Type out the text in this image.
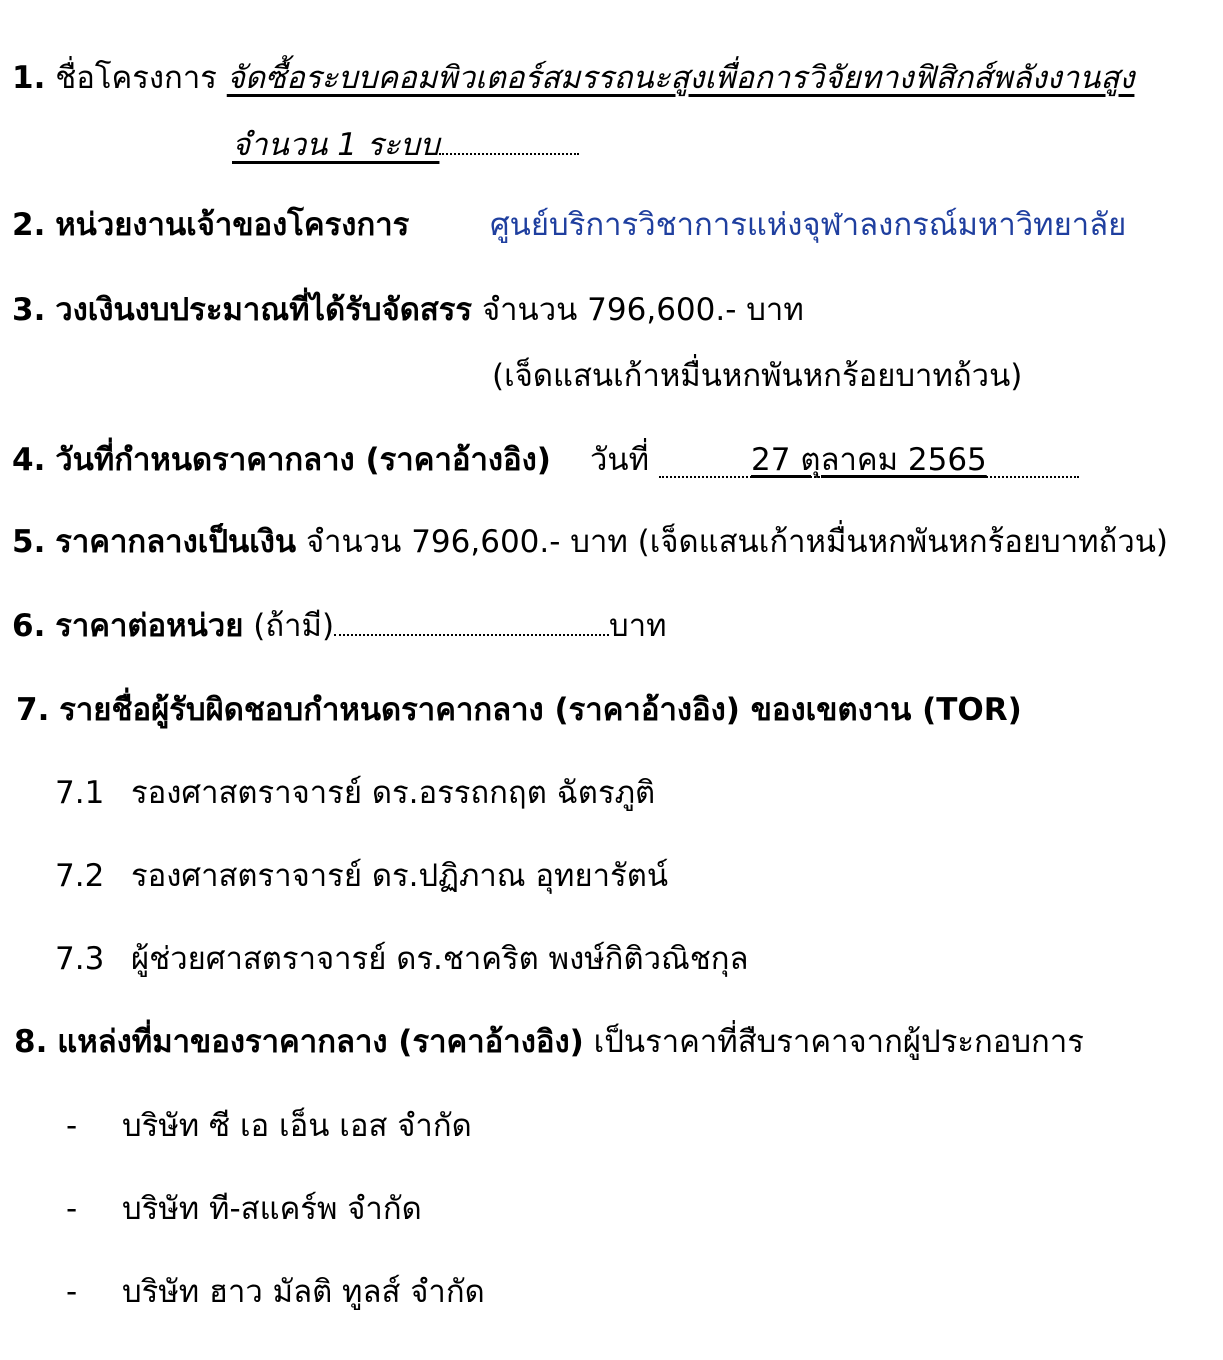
1. ชื่อโครงการ จัดซื้อระบบคอมพิวเตอร์สมรรถนะสูงเพื่อการวิจัยทางฟิสิกส์พลังงานสูง
จำนวน 1 ระบบ
2. หน่วยงานเจ้าของโครงการ	ศูนย์บริการวิชาการแห่งจุฬาลงกรณ์มหาวิทยาลัย
3. วงเงินงบประมาณที่ได้รับจัดสรร จำนวน 796,600.- บาท
(เจ็ดแสนเก้าหมื่นหกพันหกร้อยบาทถ้วน)
4. วันที่กำหนดราคากลาง (ราคาอ้างอิง) วันที่	27 ตุลาคม 2565
5. ราคากลางเป็นเงิน จำนวน 796,600.- บาท (เจ็ดแสนเก้าหมื่นหกพันหกร้อยบาทถ้วน)
6. ราคาต่อหน่วย (ถ้ามี)	บาท
7. รายชื่อผู้รับผิดชอบกำหนดราคากลาง (ราคาอ้างอิง) ของเขตงาน (TOR)
7.1 รองศาสตราจารย์ ดร.อรรถกฤต ฉัตรภูติ
7.2 รองศาสตราจารย์ ดร.ปฏิภาณ อุทยารัตน์
7.3 ผู้ช่วยศาสตราจารย์ ดร.ชาคริต พงษ์กิติวณิชกุล
8. แหล่งที่มาของราคากลาง (ราคาอ้างอิง) เป็นราคาที่สืบราคาจากผู้ประกอบการ
- บริษัท ซี เอ เอ็น เอส จำกัด
- บริษัท ที-สแคร์พ จำกัด
- บริษัท ฮาว มัลติ ทูลส์ จำกัด
